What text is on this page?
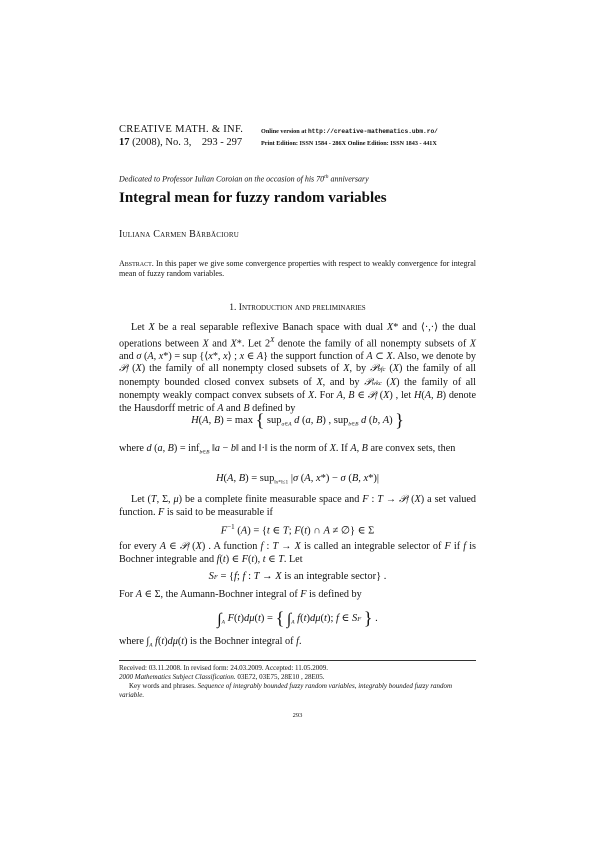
CREATIVE MATH. & INF.
17 (2008), No. 3, 293 - 297
Online version at http://creative-mathematics.ubm.ro/
Print Edition: ISSN 1584 - 286X Online Edition: ISSN 1843 - 441X
Dedicated to Professor Iulian Coroian on the occasion of his 70th anniversary
Integral mean for fuzzy random variables
Iuliana Carmen Bărbăcioru
Abstract. In this paper we give some convergence properties with respect to weakly convergence for integral mean of fuzzy random variables.
1. Introduction and preliminaries
Let X be a real separable reflexive Banach space with dual X* and ⟨·,·⟩ the dual operations between X and X*. Let $2^X$ denote the family of all nonempty subsets of X and σ (A, x*) = sup {⟨x*, x⟩ ; x ∈ A} the support function of A ⊂ X. Also, we denote by 𝒫f (X) the family of all nonempty closed subsets of X, by 𝒫bfc (X) the family of all nonempty bounded closed convex subsets of X, and by 𝒫wkc (X) the family of all nonempty weakly compact convex subsets of X. For A, B ∈ 𝒫f (X) , let H(A, B) denote the Hausdorff metric of A and B defined by
H(A, B) = max { sup$_{a\in A}$ d (a, B) , sup$_{b\in B}$ d (b, A) }
where d (a, B) = inf$_{b\in B}$ ‖a − b‖ and ‖·‖ is the norm of X. If A, B are convex sets, then
H(A, B) = sup$_{‖x*‖\le 1}$ |σ (A, x*) − σ (B, x*)|
Let (T, Σ, μ) be a complete finite measurable space and F : T → 𝒫f (X) a set valued function. F is said to be measurable if
$F^{-1}$ (A) = {t ∈ T; F(t) ∩ A ≠ ∅} ∈ Σ
for every A ∈ 𝒫f (X) . A function f : T → X is called an integrable selector of F if f is Bochner integrable and f(t) ∈ F(t), t ∈ T. Let
SF = {f; f : T → X is an integrable sector} .
For A ∈ Σ, the Aumann-Bochner integral of F is defined by
$\int_A$ F(t)dμ(t) = { $\int_A$ f(t)dμ(t); f ∈ SF } .
where $\int_A$ f(t)dμ(t) is the Bochner integral of f.
Received: 03.11.2008. In revised form: 24.03.2009. Accepted: 11.05.2009.
2000 Mathematics Subject Classification. 03E72, 03E75, 28E10 , 28E05.
Key words and phrases. Sequence of integrably bounded fuzzy random variables, integrably bounded fuzzy random variable.
293
